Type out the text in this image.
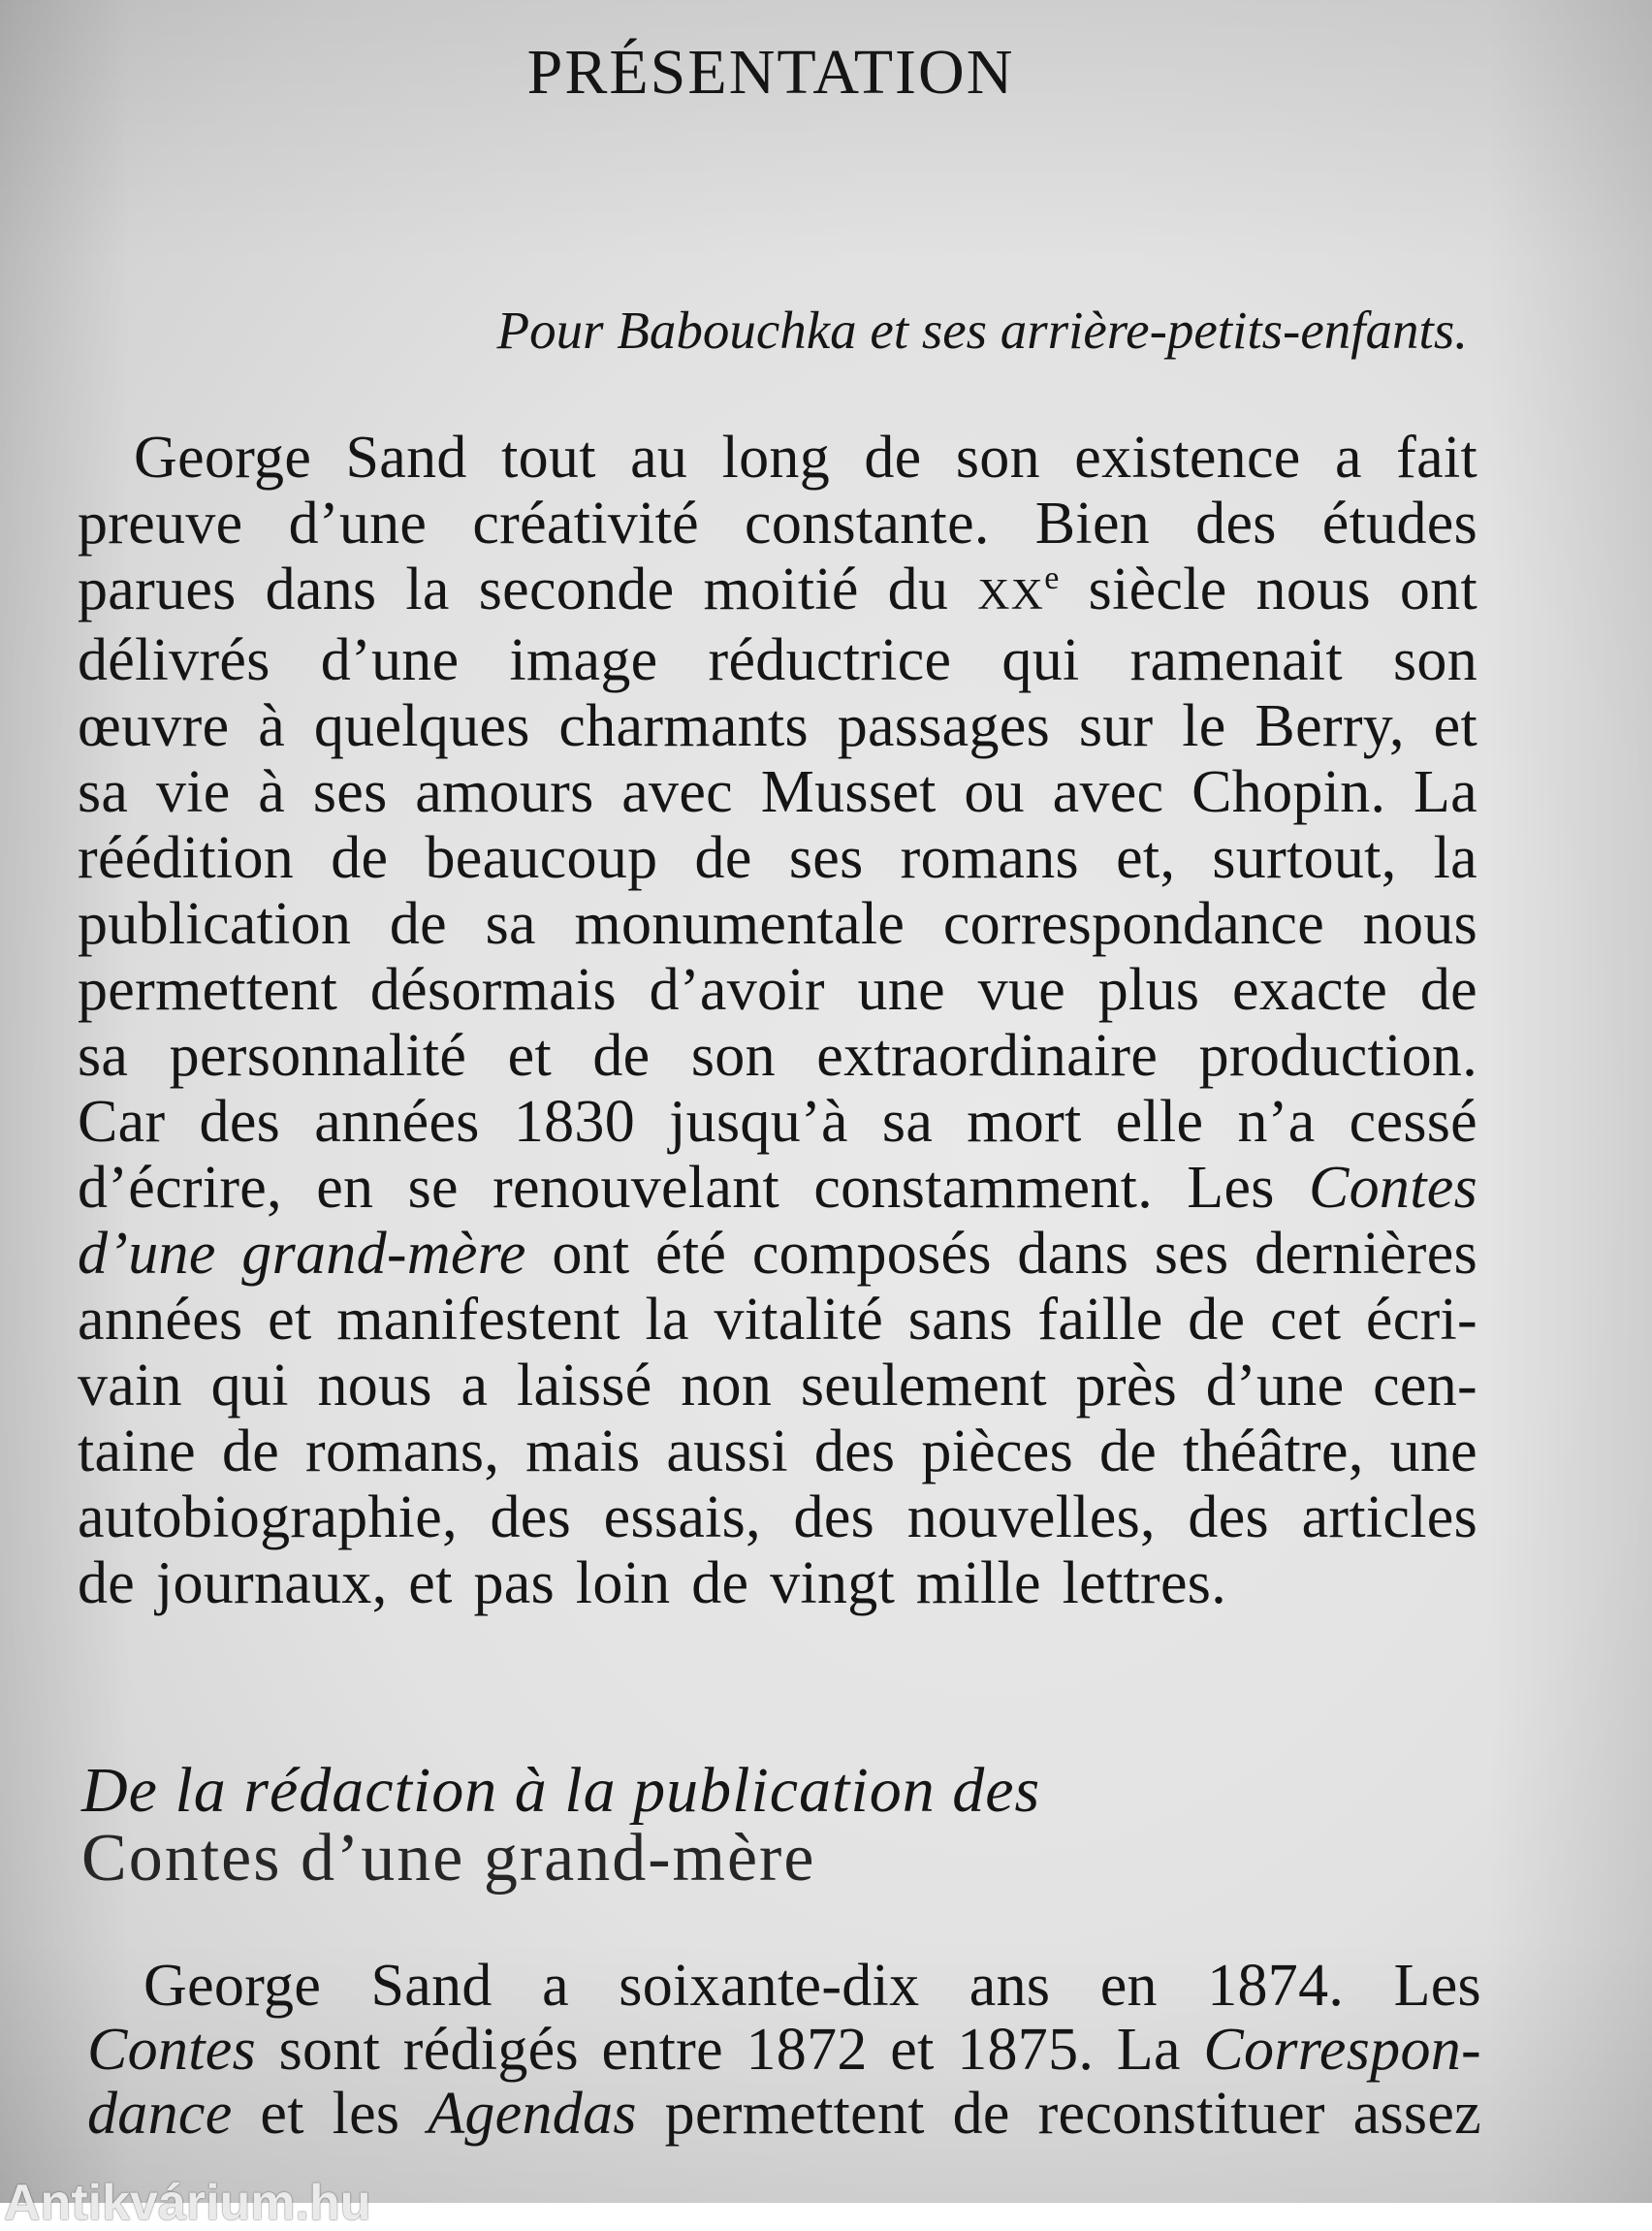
PRÉSENTATION
Pour Babouchka et ses arrière-petits-enfants.
George Sand tout au long de son existence a fait
preuve d’une créativité constante. Bien des études
parues dans la seconde moitié du XXe siècle nous ont
délivrés d’une image réductrice qui ramenait son
œuvre à quelques charmants passages sur le Berry, et
sa vie à ses amours avec Musset ou avec Chopin. La
réédition de beaucoup de ses romans et, surtout, la
publication de sa monumentale correspondance nous
permettent désormais d’avoir une vue plus exacte de
sa personnalité et de son extraordinaire production.
Car des années 1830 jusqu’à sa mort elle n’a cessé
d’écrire, en se renouvelant constamment. Les Contes
d’une grand-mère ont été composés dans ses dernières
années et manifestent la vitalité sans faille de cet écri-
vain qui nous a laissé non seulement près d’une cen-
taine de romans, mais aussi des pièces de théâtre, une
autobiographie, des essais, des nouvelles, des articles
de journaux, et pas loin de vingt mille lettres.
De la rédaction à la publication des
Contes d’une grand-mère
George Sand a soixante-dix ans en 1874. Les
Contes sont rédigés entre 1872 et 1875. La Correspon-
dance et les Agendas permettent de reconstituer assez
Antikvárium.hu
